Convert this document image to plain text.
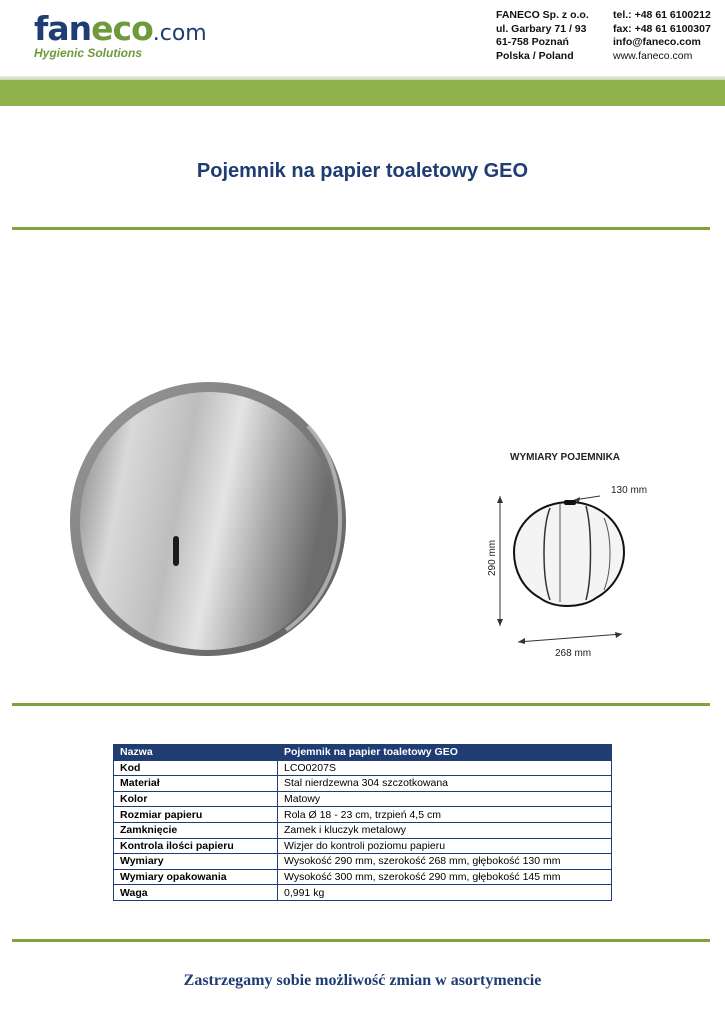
faneco.com
Hygienic Solutions
FANECO Sp. z o.o.
ul. Garbary 71 / 93
61-758 Poznań
Polska / Poland
tel.: +48 61 6100212
fax: +48 61 6100307
info@faneco.com
www.faneco.com
Pojemnik na papier toaletowy GEO
WYMIARY POJEMNIKA
130 mm
290 mm
268 mm
Nazwa	Pojemnik na papier toaletowy GEO
Kod	LCO0207S
Materiał	Stal nierdzewna 304 szczotkowana
Kolor	Matowy
Rozmiar papieru	Rola Ø 18 - 23 cm, trzpień 4,5 cm
Zamknięcie	Zamek i kluczyk metalowy
Kontrola ilości papieru	Wizjer do kontroli poziomu papieru
Wymiary	Wysokość 290 mm, szerokość 268 mm, głębokość 130 mm
Wymiary opakowania	Wysokość 300 mm, szerokość 290 mm, głębokość 145 mm
Waga	0,991 kg
Zastrzegamy sobie możliwość zmian w asortymencie
